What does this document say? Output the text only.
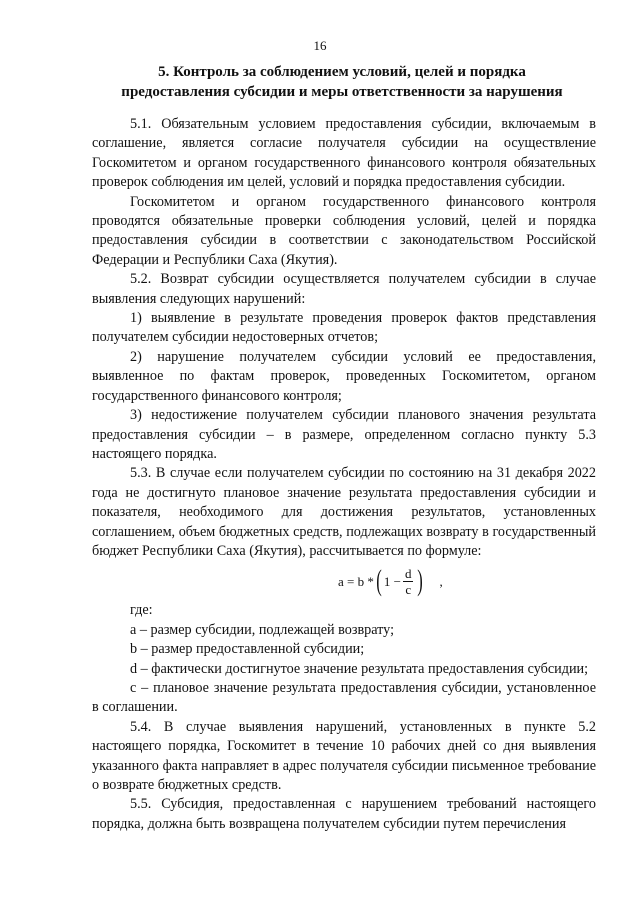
16
5. Контроль за соблюдением условий, целей и порядка
предоставления субсидии и меры ответственности за нарушения

5.1. Обязательным условием предоставления субсидии, включаемым в соглашение, является согласие получателя субсидии на осуществление Госкомитетом и органом государственного финансового контроля обязательных проверок соблюдения им целей, условий и порядка предоставления субсидии.

Госкомитетом и органом государственного финансового контроля проводятся обязательные проверки соблюдения условий, целей и порядка предоставления субсидии в соответствии с законодательством Российской Федерации и Республики Саха (Якутия).

5.2. Возврат субсидии осуществляется получателем субсидии в случае выявления следующих нарушений:

1) выявление в результате проведения проверок фактов представления получателем субсидии недостоверных отчетов;

2) нарушение получателем субсидии условий ее предоставления, выявленное по фактам проверок, проведенных Госкомитетом, органом государственного финансового контроля;

3) недостижение получателем субсидии планового значения результата предоставления субсидии – в размере, определенном согласно пункту 5.3 настоящего порядка.

5.3. В случае если получателем субсидии по состоянию на 31 декабря 2022 года не достигнуто плановое значение результата предоставления субсидии и показателя, необходимого для достижения результатов, установленных соглашением, объем бюджетных средств, подлежащих возврату в государственный бюджет Республики Саха (Якутия), рассчитывается по формуле:

a = b * ( $1 - \frac{d}{c}$ ) ,

где:

a – размер субсидии, подлежащей возврату;

b – размер предоставленной субсидии;

d – фактически достигнутое значение результата предоставления субсидии;

c – плановое значение результата предоставления субсидии, установленное в соглашении.

5.4. В случае выявления нарушений, установленных в пункте 5.2 настоящего порядка, Госкомитет в течение 10 рабочих дней со дня выявления указанного факта направляет в адрес получателя субсидии письменное требование о возврате бюджетных средств.

5.5. Субсидия, предоставленная с нарушением требований настоящего порядка, должна быть возвращена получателем субсидии путем перечисления
